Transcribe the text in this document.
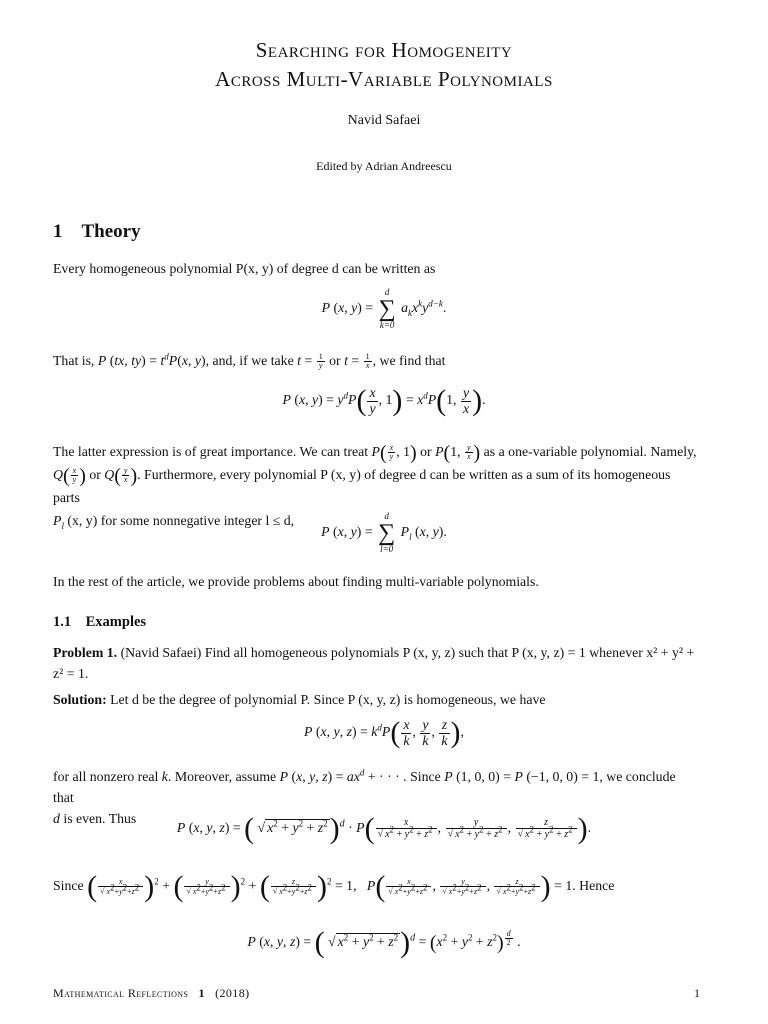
Searching for Homogeneity

Across Multi-Variable Polynomials

Navid Safaei
Edited by Adrian Andreescu
1 Theory
Every homogeneous polynomial P(x, y) of degree d can be written as
P (x, y) =
d
∑
k=0
$a_kx^ky^{d-k}$.
That is, P (tx, $ty) = t^dP(x$, y), and, if we take $t = \frac{1}{y}$ or $t = \frac{1}{x}$ , we find that
P (x, $y) = y^dP( \frac{x}{y}$ , $1) = x^dP(1$, $\frac{y}{x}$ ).
The latter expression is of great importance. We can treat $P( \frac{x}{y}$ , 1) or P(1, $\frac{y}{x}$ ) as a one-variable polynomial. Namely,
$Q( \frac{x}{y}$ ) or $Q( \frac{y}{x}$ ). Furthermore, every polynomial P (x, y) of degree d can be written as a sum of its homogeneous parts
$P_l$ (x, y) for some nonnegative integer l ≤ d,
P (x, y) =
d
∑
l=0
$P_l$ (x, y).
In the rest of the article, we provide problems about finding multi-variable polynomials.
1.1 Examples
Problem 1. (Navid Safaei) Find all homogeneous polynomials P (x, y, z) such that P (x, y, z) = 1 whenever x² + y² +
z² = 1.
Solution: Let d be the degree of polynomial P. Since P (x, y, z) is homogeneous, we have
P (x, y, $z) = k^dP( \frac{x}{k}$ , $\frac{y}{k}$ , $\frac{z}{k}$ ),
for all nonzero real k. Moreover, assume P (x, y, $z) = ax^d$ + · · · . Since P (1, 0, 0) = P (−1, 0, 0) = 1, we conclude that
d is even. Thus
P (x, y, z) = ( √ $x^2 + y^2 + z^2)^d \cdot P( \frac{x}{√ x^2 + y^2 + z^2}$ , $\frac{y}{√ x^2 + y^2 + z^2}$ , $\frac{z}{√ x^2 + y^2 + z^2}$ ).
Since ( $\frac{x}{√ x^2+y^2+z^2} )^2$ + ( $\frac{y}{√ x^2+y^2+z^2} )^2$ + ( $\frac{z}{√ x^2+y^2+z^2} )^2 = 1$,   $P( \frac{x}{√ x^2+y^2+z^2}$ , $\frac{y}{√ x^2+y^2+z^2}$ , $\frac{z}{√ x^2+y^2+z^2}$ ) = 1. Hence
P (x, y, z) = ( √ $x^2 + y^2 + z^2)^d = (x^2 + y^2 + z^2)$ $^{\frac{d}{2}}$ .
Mathematical Reflections 1 (2018)	1
